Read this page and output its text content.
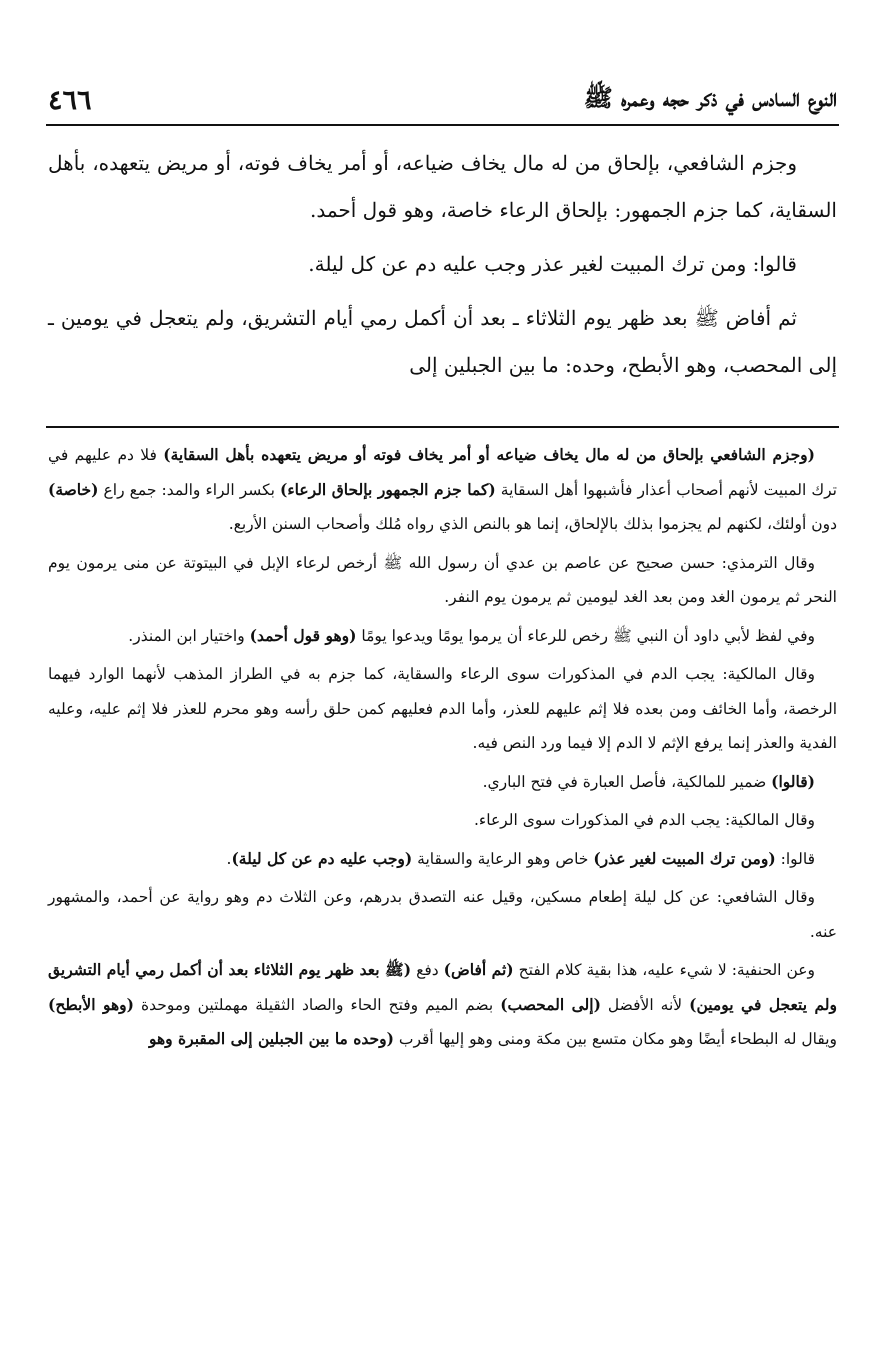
النوع السادس في ذكر حجه وعمره ﷺ
٤٦٦

وجزم الشافعي، بإلحاق من له مال يخاف ضياعه، أو أمر يخاف فوته، أو مريض يتعهده، بأهل السقاية، كما جزم الجمهور: بإلحاق الرعاء خاصة، وهو قول أحمد.

قالوا: ومن ترك المبيت لغير عذر وجب عليه دم عن كل ليلة.

ثم أفاض ﷺ بعد ظهر يوم الثلاثاء ـ بعد أن أكمل رمي أيام التشريق، ولم يتعجل في يومين ـ إلى المحصب، وهو الأبطح، وحده: ما بين الجبلين إلى

(وجزم الشافعي بإلحاق من له مال يخاف ضياعه أو أمر يخاف فوته أو مريض يتعهده بأهل السقاية) فلا دم عليهم في ترك المبيت لأنهم أصحاب أعذار فأشبهوا أهل السقاية (كما جزم الجمهور بإلحاق الرعاء) بكسر الراء والمد: جمع راع (خاصة) دون أولئك، لكنهم لم يجزموا بذلك بالإلحاق، إنما هو بالنص الذي رواه مُلك وأصحاب السنن الأربع.

وقال الترمذي: حسن صحيح عن عاصم بن عدي أن رسول الله ﷺ أرخص لرعاء الإبل في البيتوتة عن منى يرمون يوم النحر ثم يرمون الغد ومن بعد الغد ليومين ثم يرمون يوم النفر.

وفي لفظ لأبي داود أن النبي ﷺ رخص للرعاء أن يرموا يومًا ويدعوا يومًا (وهو قول أحمد) واختيار ابن المنذر.

وقال المالكية: يجب الدم في المذكورات سوى الرعاء والسقاية، كما جزم به في الطراز المذهب لأنهما الوارد فيهما الرخصة، وأما الخائف ومن بعده فلا إثم عليهم للعذر، وأما الدم فعليهم كمن حلق رأسه وهو محرم للعذر فلا إثم عليه، وعليه الفدية والعذر إنما يرفع الإثم لا الدم إلا فيما ورد النص فيه.

(قالوا) ضمير للمالكية، فأصل العبارة في فتح الباري.

وقال المالكية: يجب الدم في المذكورات سوى الرعاء.

قالوا: (ومن ترك المبيت لغير عذر) خاص وهو الرعاية والسقاية (وجب عليه دم عن كل ليلة).

وقال الشافعي: عن كل ليلة إطعام مسكين، وقيل عنه التصدق بدرهم، وعن الثلاث دم وهو رواية عن أحمد، والمشهور عنه.

وعن الحنفية: لا شيء عليه، هذا بقية كلام الفتح (ثم أفاض) دفع (ﷺ بعد ظهر يوم الثلاثاء بعد أن أكمل رمي أيام التشريق ولم يتعجل في يومين) لأنه الأفضل (إلى المحصب) بضم الميم وفتح الحاء والصاد الثقيلة مهملتين وموحدة (وهو الأبطح) ويقال له البطحاء أيضًا وهو مكان متسع بين مكة ومنى وهو إليها أقرب (وحده ما بين الجبلين إلى المقبرة وهو
